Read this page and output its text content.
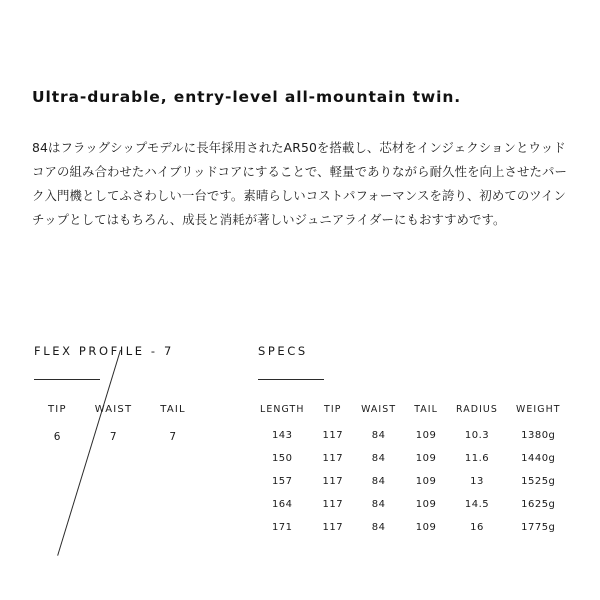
Ultra-durable, entry-level all-mountain twin.

84はフラッグシップモデルに長年採用されたAR50を搭載し、芯材をインジェクションとウッドコアの組み合わせたハイブリッドコアにすることで、軽量でありながら耐久性を向上させたパーク入門機としてふさわしい一台です。素晴らしいコストパフォーマンスを誇り、初めてのツインチップとしてはもちろん、成長と消耗が著しいジュニアライダーにもおすすめです。

FLEX PROFILE - 7
TIP	WAIST	TAIL
6	7	7
SPECS
LENGTH	TIP	WAIST	TAIL	RADIUS	WEIGHT
143	117	84	109	10.3	1380g
150	117	84	109	11.6	1440g
157	117	84	109	13	1525g
164	117	84	109	14.5	1625g
171	117	84	109	16	1775g
